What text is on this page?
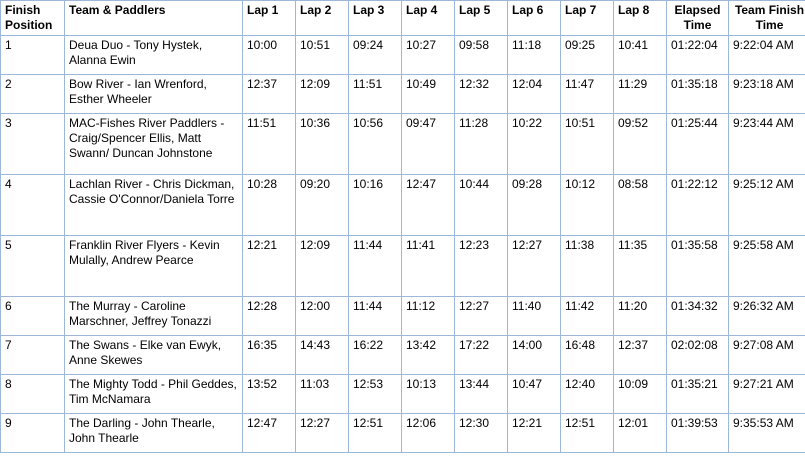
Finish Position	Team & Paddlers	Lap 1	Lap 2	Lap 3	Lap 4	Lap 5	Lap 6	Lap 7	Lap 8	Elapsed Time	Team Finish Time
1	Deua Duo - Tony Hystek, Alanna Ewin	10:00	10:51	09:24	10:27	09:58	11:18	09:25	10:41	01:22:04	9:22:04 AM
2	Bow River - Ian Wrenford, Esther Wheeler	12:37	12:09	11:51	10:49	12:32	12:04	11:47	11:29	01:35:18	9:23:18 AM
3	MAC-Fishes River Paddlers - Craig/Spencer Ellis, Matt Swann/ Duncan Johnstone	11:51	10:36	10:56	09:47	11:28	10:22	10:51	09:52	01:25:44	9:23:44 AM
4	Lachlan River - Chris Dickman, Cassie O'Connor/Daniela Torre	10:28	09:20	10:16	12:47	10:44	09:28	10:12	08:58	01:22:12	9:25:12 AM
5	Franklin River Flyers - Kevin Mulally, Andrew Pearce	12:21	12:09	11:44	11:41	12:23	12:27	11:38	11:35	01:35:58	9:25:58 AM
6	The Murray - Caroline Marschner, Jeffrey Tonazzi	12:28	12:00	11:44	11:12	12:27	11:40	11:42	11:20	01:34:32	9:26:32 AM
7	The Swans - Elke van Ewyk, Anne Skewes	16:35	14:43	16:22	13:42	17:22	14:00	16:48	12:37	02:02:08	9:27:08 AM
8	The Mighty Todd - Phil Geddes, Tim McNamara	13:52	11:03	12:53	10:13	13:44	10:47	12:40	10:09	01:35:21	9:27:21 AM
9	The Darling - John Thearle, John Thearle	12:47	12:27	12:51	12:06	12:30	12:21	12:51	12:01	01:39:53	9:35:53 AM
